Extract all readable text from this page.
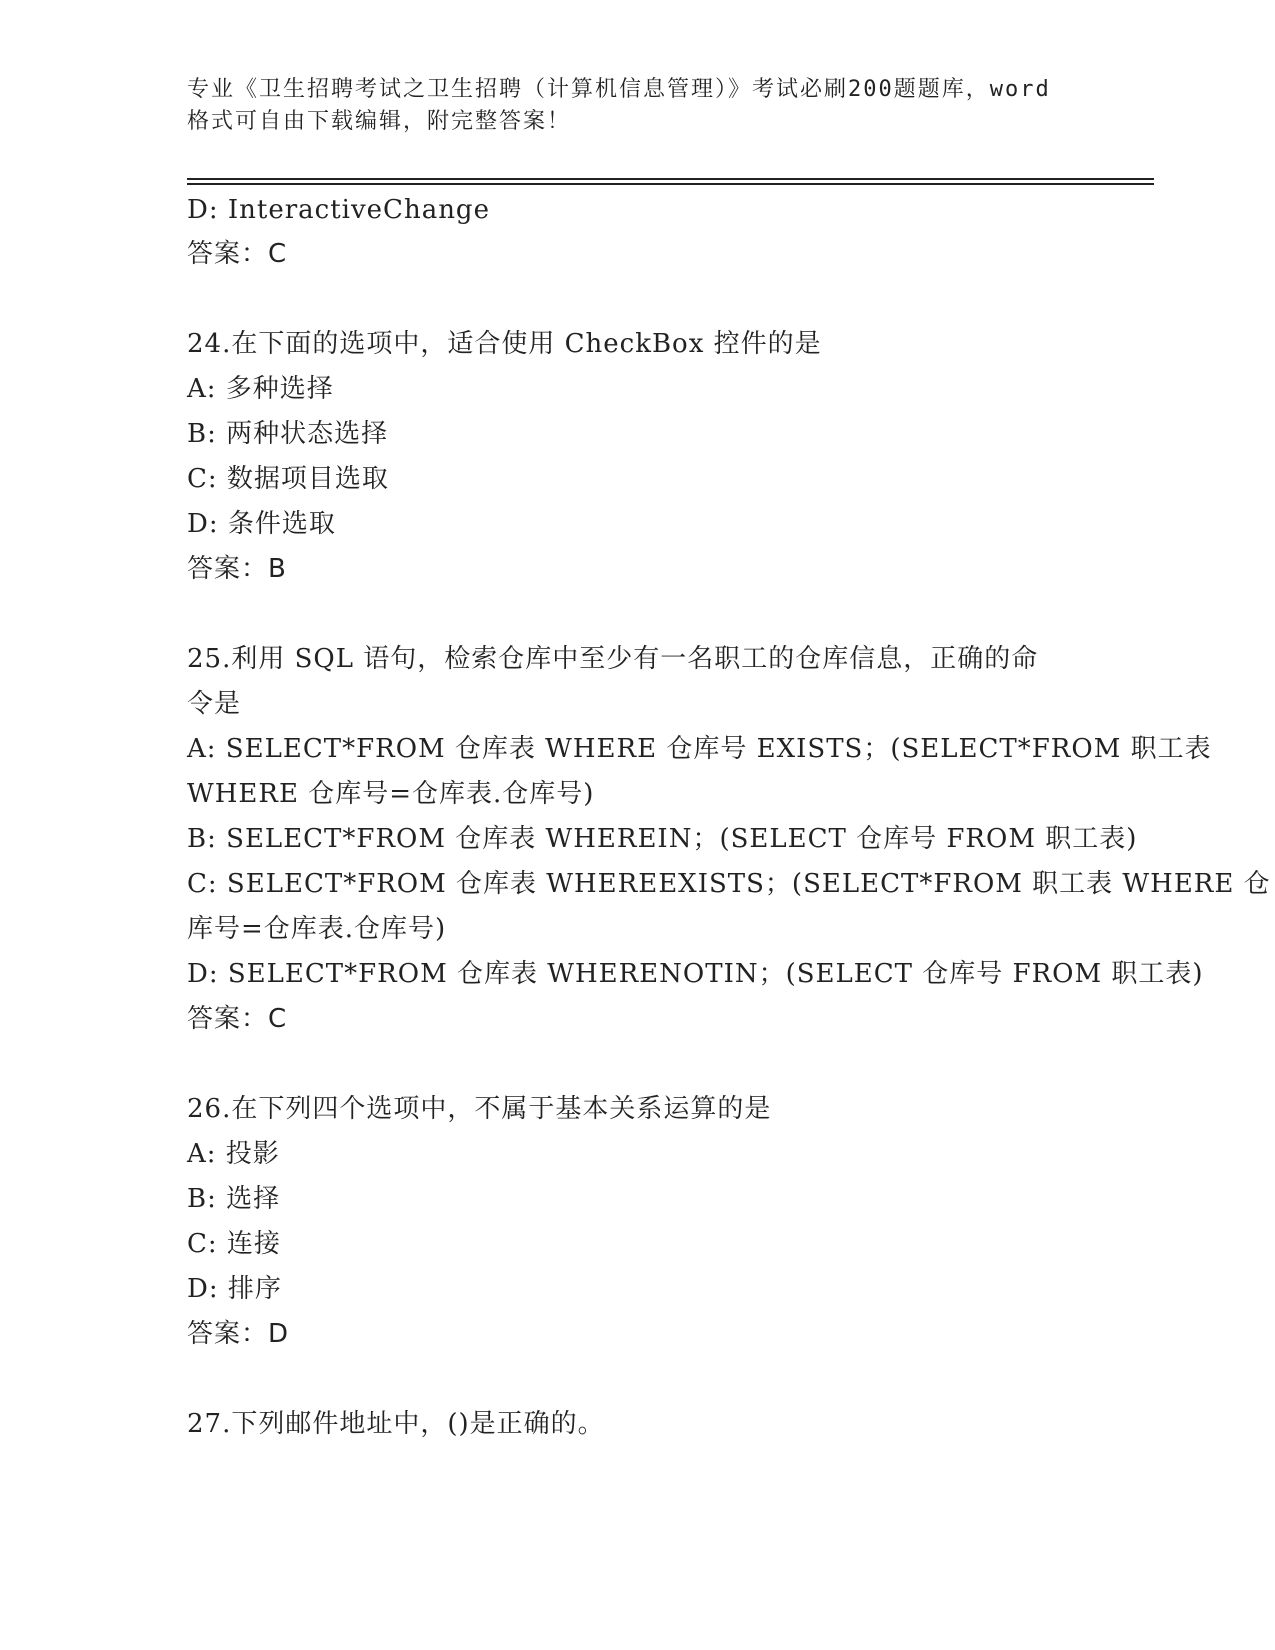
专业《卫生招聘考试之卫生招聘（计算机信息管理）》考试必刷200题题库，word
格式可自由下载编辑，附完整答案！
D: InteractiveChange
答案：C
24.在下面的选项中，适合使用 CheckBox 控件的是
A: 多种选择
B: 两种状态选择
C: 数据项目选取
D: 条件选取
答案：B
25.利用 SQL 语句，检索仓库中至少有一名职工的仓库信息，正确的命
令是
A: SELECT*FROM 仓库表 WHERE 仓库号 EXISTS；(SELECT*FROM 职工表
WHERE 仓库号=仓库表.仓库号)
B: SELECT*FROM 仓库表 WHEREIN；(SELECT 仓库号 FROM 职工表)
C: SELECT*FROM 仓库表 WHEREEXISTS；(SELECT*FROM 职工表 WHERE 仓
库号=仓库表.仓库号)
D: SELECT*FROM 仓库表 WHERENOTIN；(SELECT 仓库号 FROM 职工表)
答案：C
26.在下列四个选项中，不属于基本关系运算的是
A: 投影
B: 选择
C: 连接
D: 排序
答案：D
27.下列邮件地址中，()是正确的。
